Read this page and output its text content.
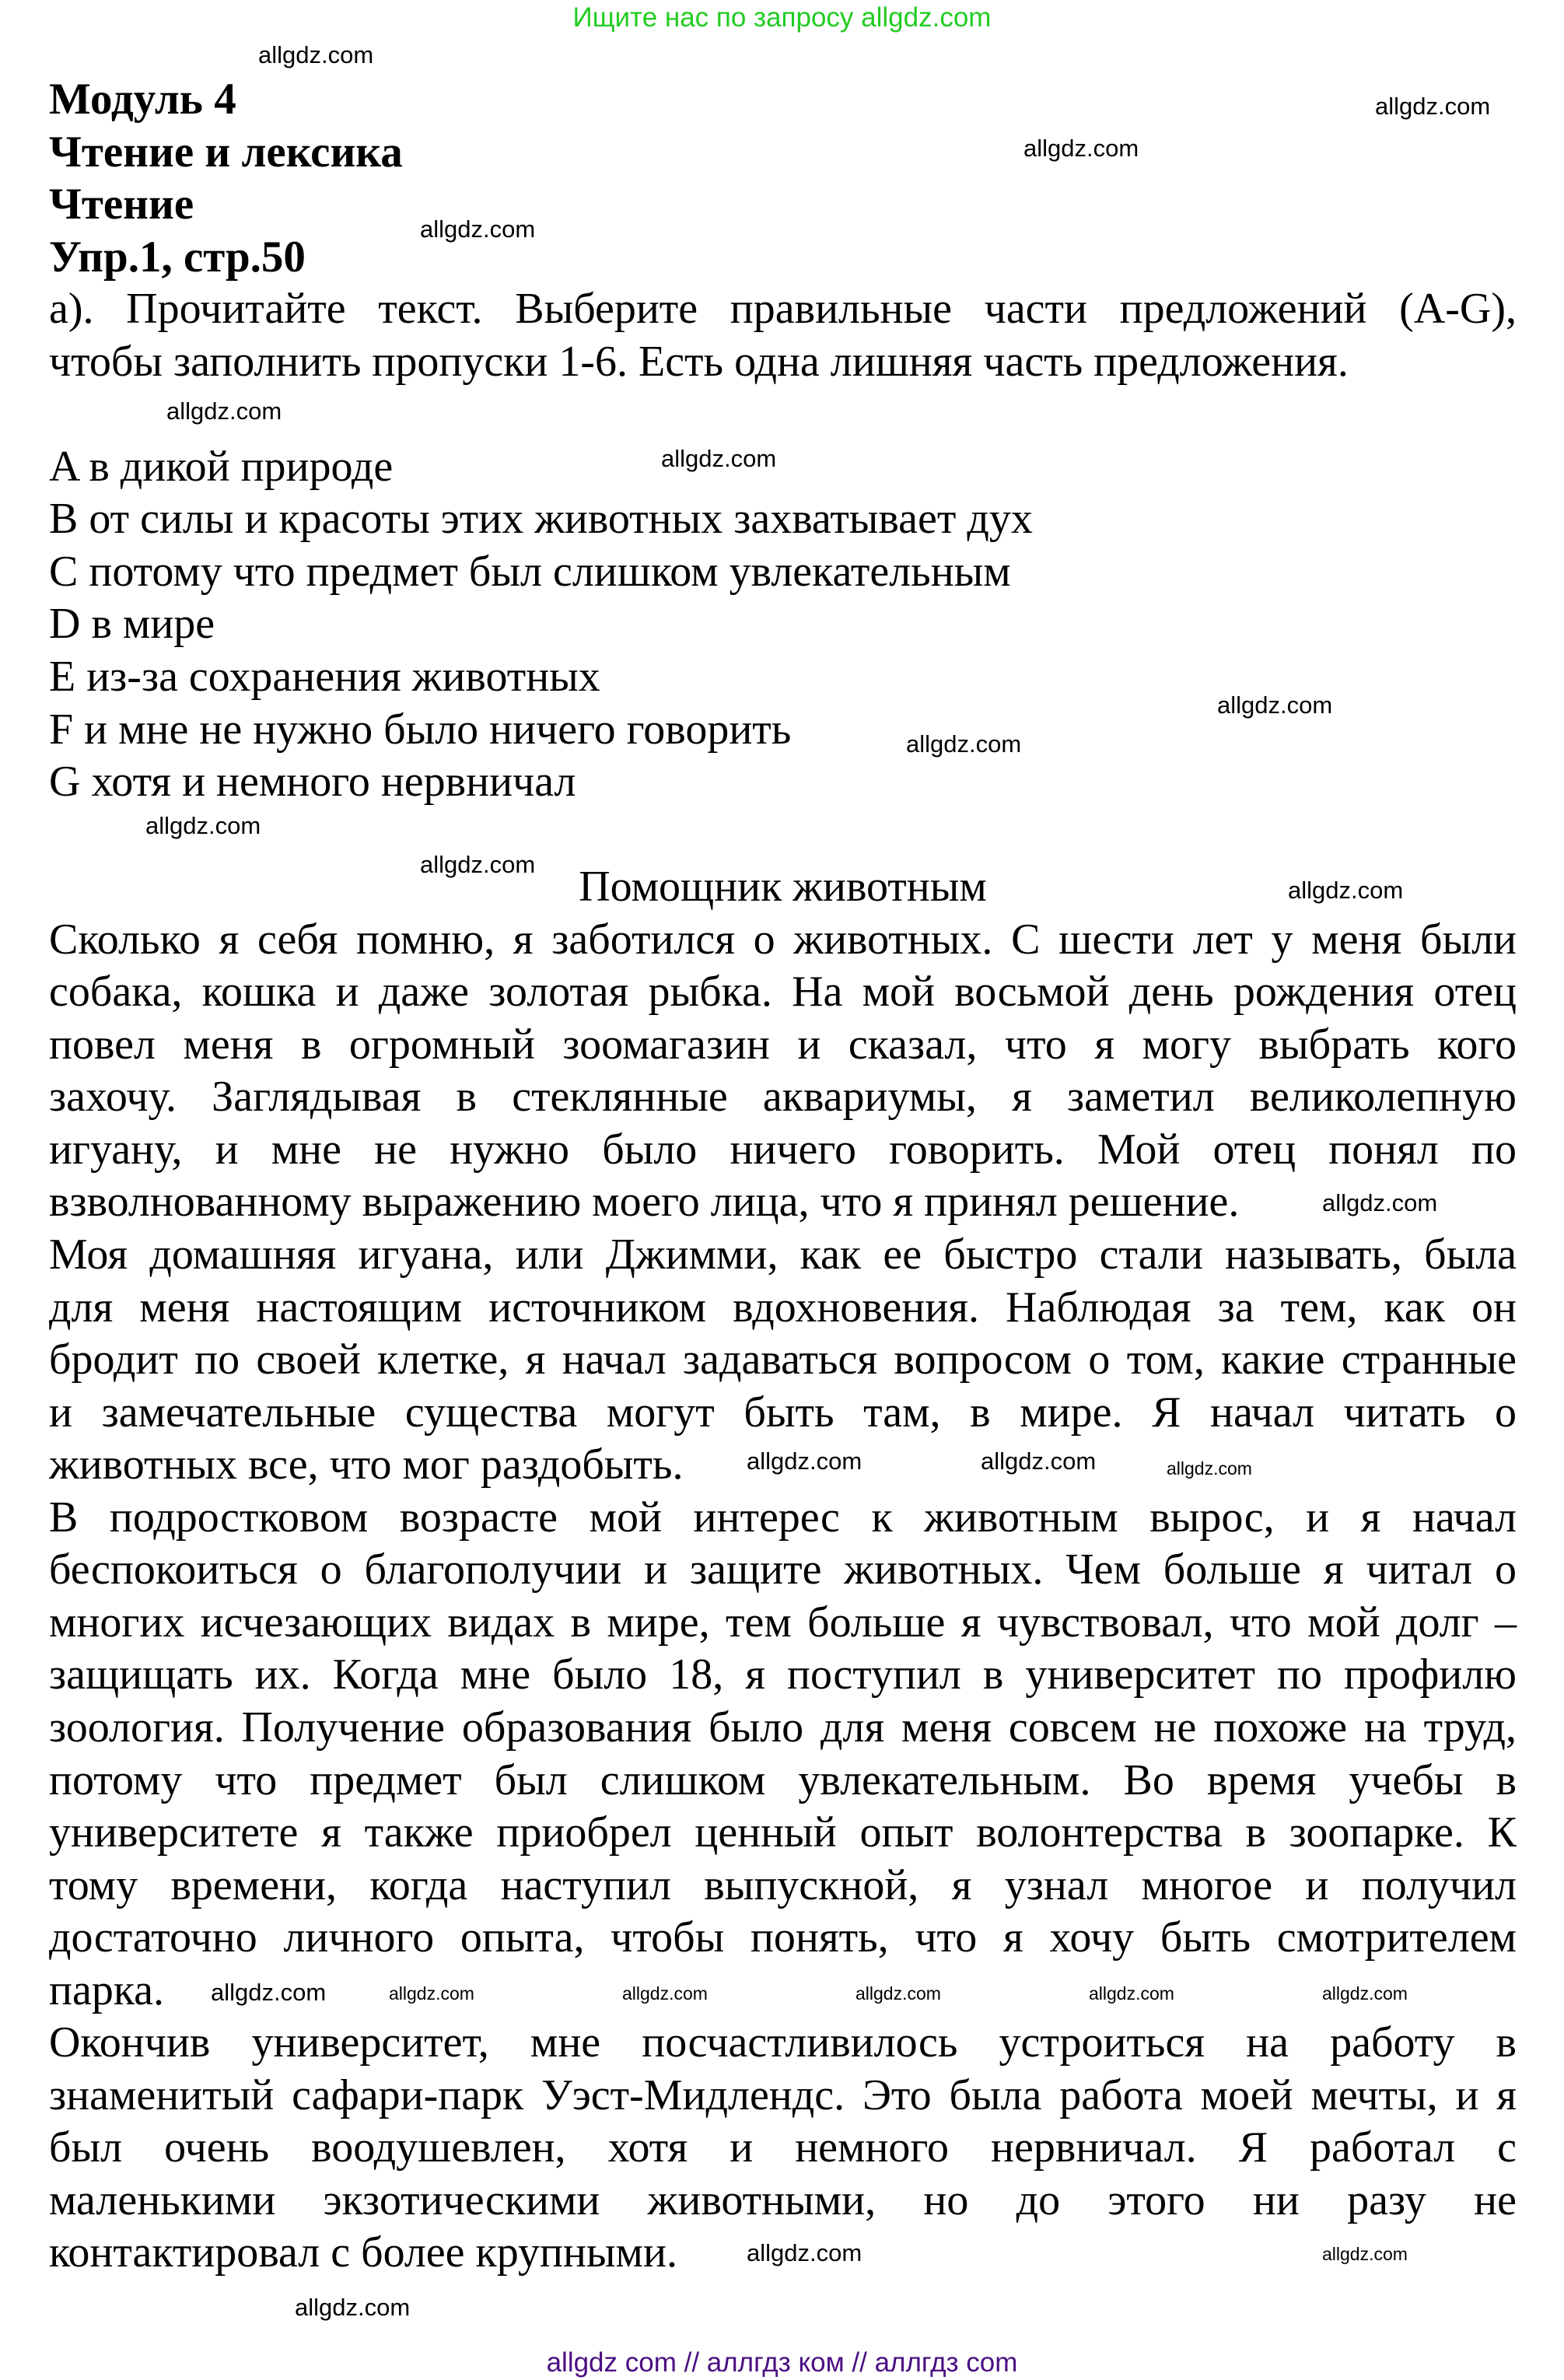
Ищите нас по запросу allgdz.com
Модуль 4
Чтение и лексика
Чтение
Упр.1, стр.50
а). Прочитайте текст. Выберите правильные части предложений (A-G),
чтобы заполнить пропуски 1-6. Есть одна лишняя часть предложения.
A в дикой природе
B от силы и красоты этих животных захватывает дух
C потому что предмет был слишком увлекательным
D в мире
E из-за сохранения животных
F и мне не нужно было ничего говорить
G хотя и немного нервничал
Помощник животным
Сколько я себя помню, я заботился о животных. С шести лет у меня были
собака, кошка и даже золотая рыбка. На мой восьмой день рождения отец
повел меня в огромный зоомагазин и сказал, что я могу выбрать кого
захочу. Заглядывая в стеклянные аквариумы, я заметил великолепную
игуану, и мне не нужно было ничего говорить. Мой отец понял по
взволнованному выражению моего лица, что я принял решение.
Моя домашняя игуана, или Джимми, как ее быстро стали называть, была
для меня настоящим источником вдохновения. Наблюдая за тем, как он
бродит по своей клетке, я начал задаваться вопросом о том, какие странные
и замечательные существа могут быть там, в мире. Я начал читать о
животных все, что мог раздобыть.
В подростковом возрасте мой интерес к животным вырос, и я начал
беспокоиться о благополучии и защите животных. Чем больше я читал о
многих исчезающих видах в мире, тем больше я чувствовал, что мой долг –
защищать их. Когда мне было 18, я поступил в университет по профилю
зоология. Получение образования было для меня совсем не похоже на труд,
потому что предмет был слишком увлекательным. Во время учебы в
университете я также приобрел ценный опыт волонтерства в зоопарке. К
тому времени, когда наступил выпускной, я узнал многое и получил
достаточно личного опыта, чтобы понять, что я хочу быть смотрителем
парка.
Окончив университет, мне посчастливилось устроиться на работу в
знаменитый сафари-парк Уэст-Мидлендс. Это была работа моей мечты, и я
был очень воодушевлен, хотя и немного нервничал. Я работал с
маленькими экзотическими животными, но до этого ни разу не
контактировал с более крупными.
allgdz.com
allgdz.com
allgdz.com
allgdz.com
allgdz.com
allgdz.com
allgdz.com
allgdz.com
allgdz.com
allgdz.com
allgdz.com
allgdz.com
allgdz.com
allgdz.com	allgdz.com
allgdz.com	allgdz.com	allgdz.com	allgdz.com
allgdz.com	allgdz.com
allgdz.com
allgdz.com
allgdz.com
allgdz com // аллгдз ком // аллгдз com
